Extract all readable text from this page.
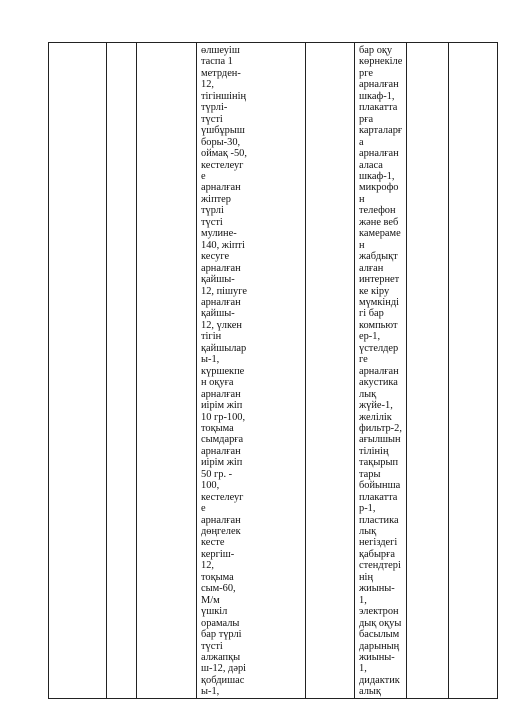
өлшеуіш
таспа 1
метрден-
12,
тігіншінің
түрлі-
түсті
үшбұрыш
боры-30,
оймақ -50,
кестелеуг
е
арналған
жіптер
түрлі
түсті
мулине-
140, жіпті
кесуге
арналған
қайшы-
12, пішуге
арналған
қайшы-
12, үлкен
тігін
қайшылар
ы-1,
күршекпе
н оқуға
арналған
иірім жіп
10 гр-100,
тоқыма
сымдарға
арналған
иірім жіп
50 гр. -
100,
кестелеуг
е
арналған
дөңгелек
кесте
кергіш-
12,
тоқыма
сым-60,
М/м
үшкіл
орамалы
бар түрлі
түсті
алжапқы
ш-12, дәрі
қобдишас
ы-1,

бар оқу
көрнекіле
рге
арналған
шкаф-1,
плакатта
рға
карталарғ
а
арналған
аласа
шкаф-1,
микрофо
н
телефон
және веб
камераме
н
жабдықт
алған
интернет
ке кіру
мүмкінді
гі бар
компьют
ер-1,
үстелдер
ге
арналған
акустика
лық
жүйе-1,
желілік
фильтр-2,
ағылшын
тілінің
тақырып
тары
бойынша
плакатта
р-1,
пластика
лық
негіздегі
қабырға
стендтері
нің
жиыны-
1,
электрон
дық оқуы
басылым
дарының
жиыны-
1,
дидактик
алық
